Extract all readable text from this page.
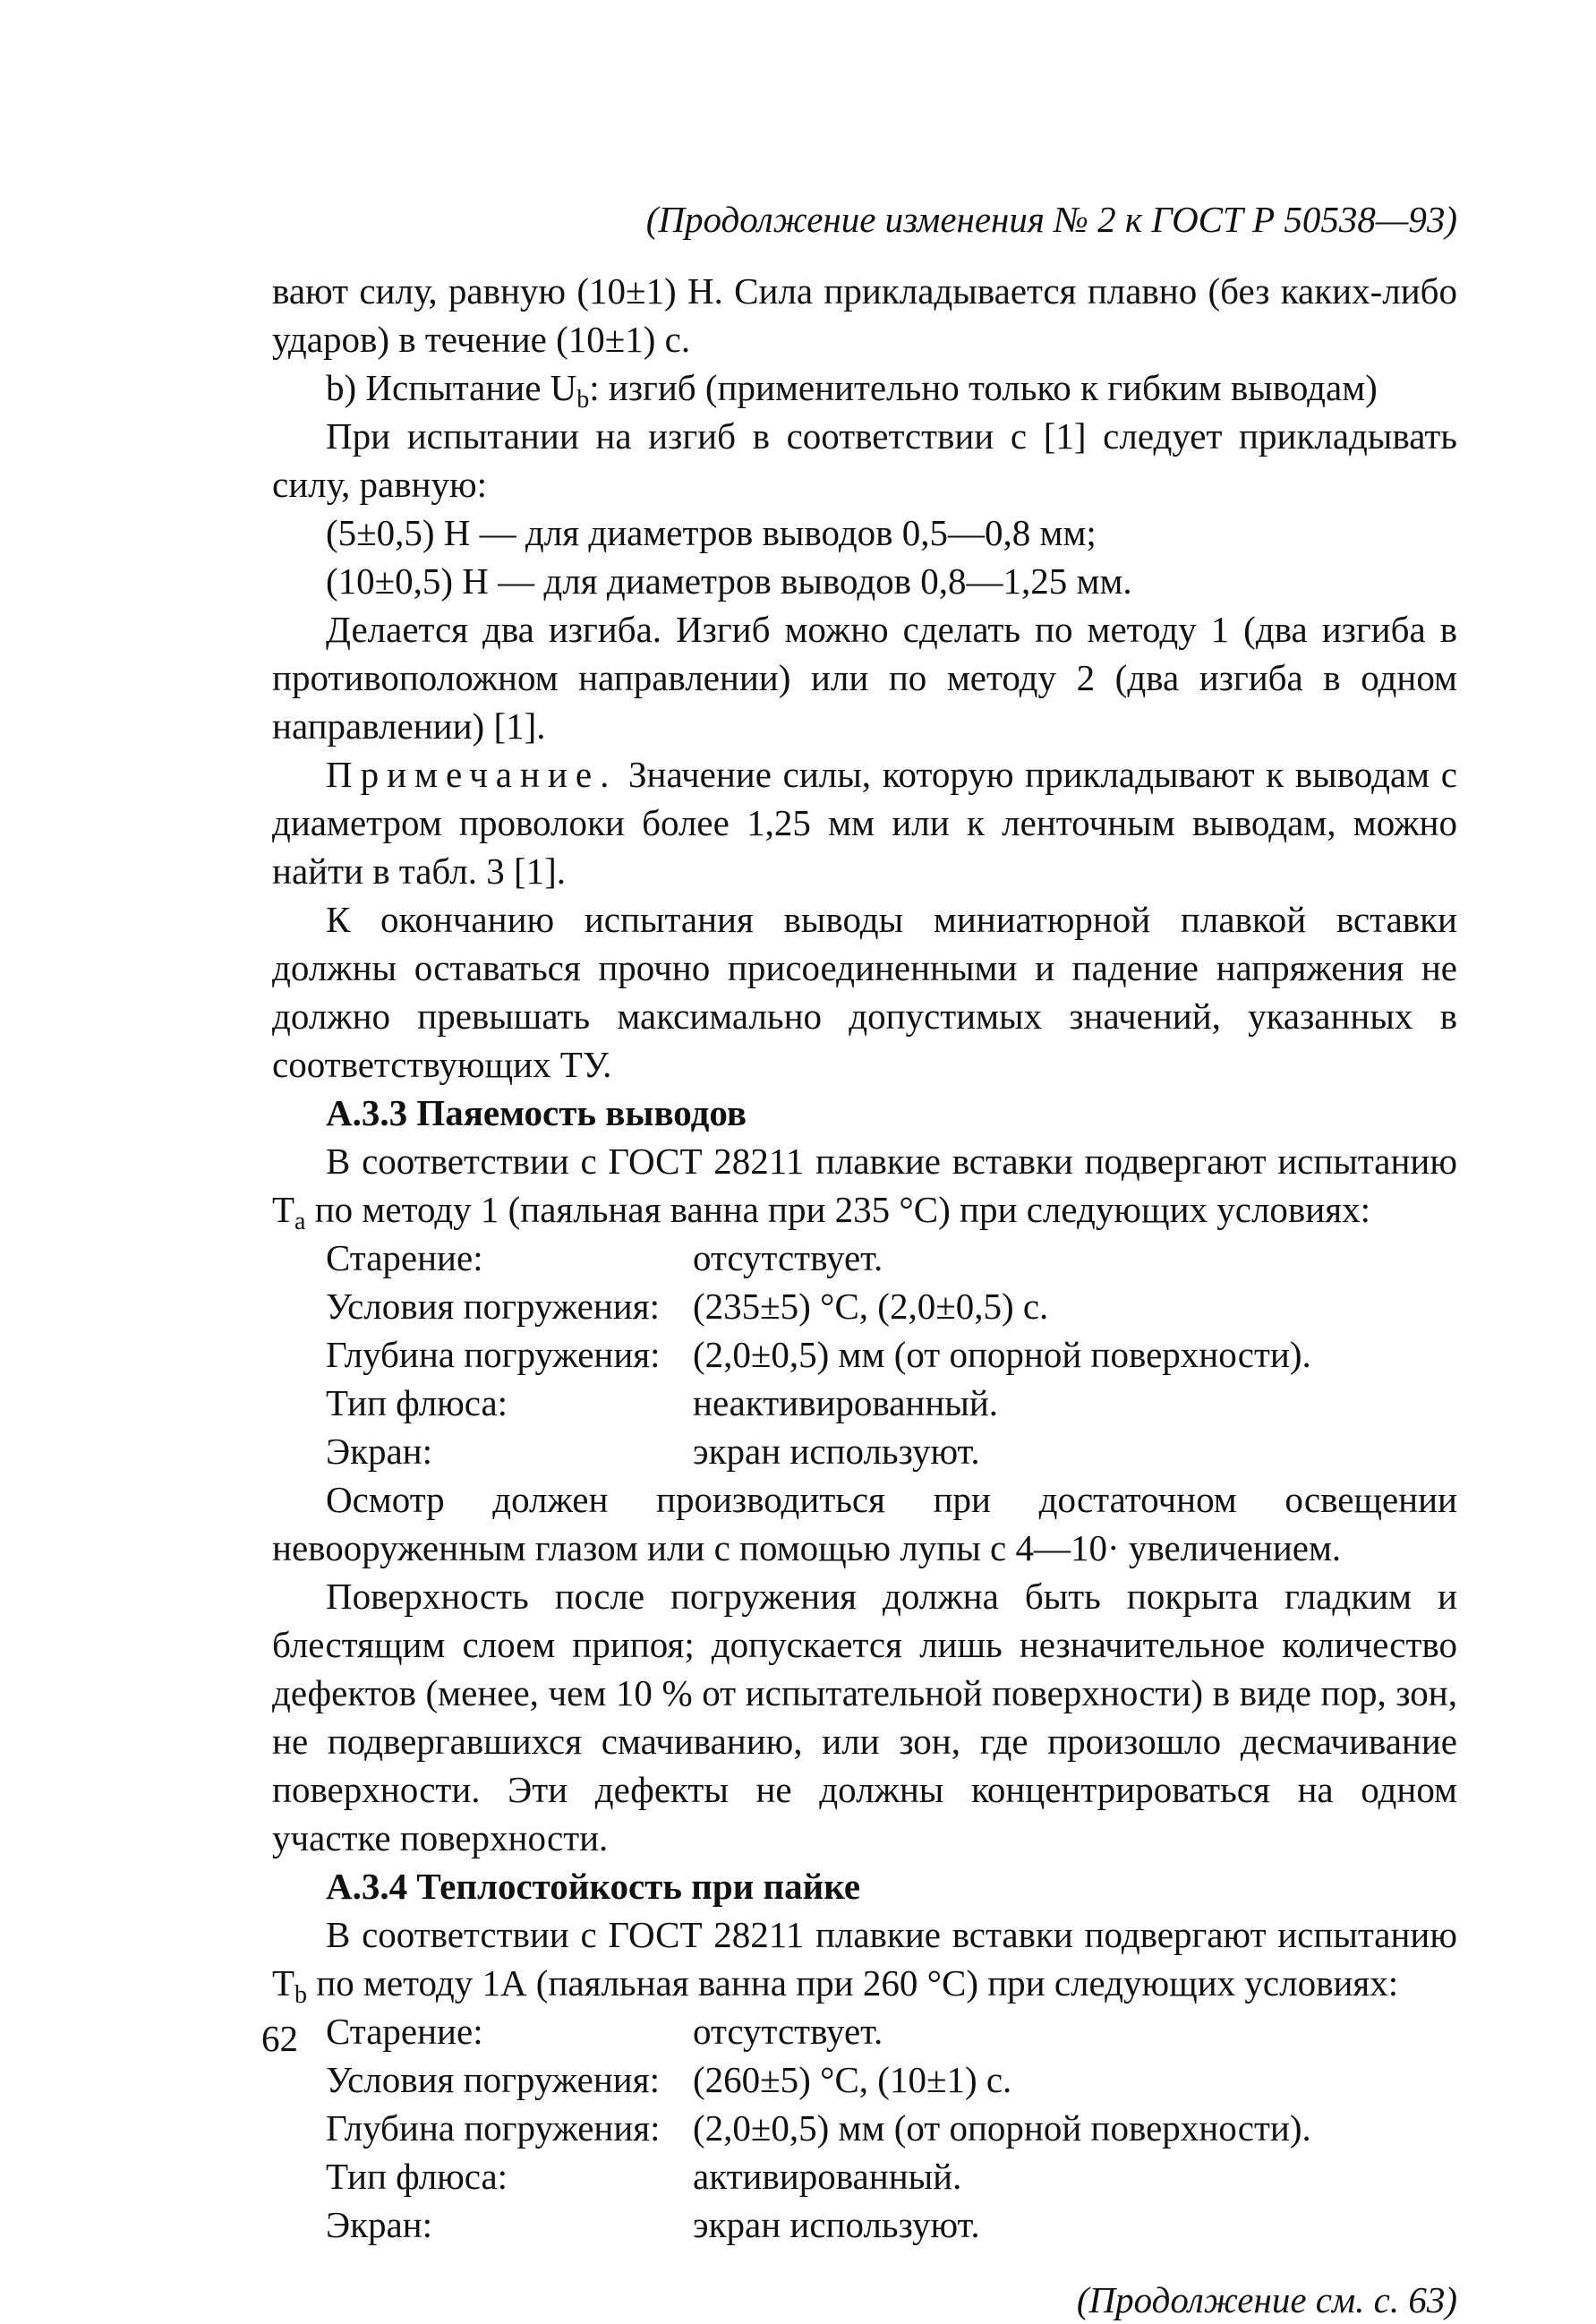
(Продолжение изменения № 2 к ГОСТ Р 50538—93)

вают силу, равную (10±1) Н. Сила прикладывается плавно (без каких-либо ударов) в течение (10±1) с.

b) Испытание $U_b$: изгиб (применительно только к гибким выводам)

При испытании на изгиб в соответствии с [1] следует прикладывать силу, равную:

(5±0,5) Н — для диаметров выводов 0,5—0,8 мм;

(10±0,5) Н — для диаметров выводов 0,8—1,25 мм.

Делается два изгиба. Изгиб можно сделать по методу 1 (два изгиба в противоположном направлении) или по методу 2 (два изгиба в одном направлении) [1].

Примечание. Значение силы, которую прикладывают к выводам с диаметром проволоки более 1,25 мм или к ленточным выводам, можно найти в табл. 3 [1].

К окончанию испытания выводы миниатюрной плавкой вставки должны оставаться прочно присоединенными и падение напряжения не должно превышать максимально допустимых значений, указанных в соответствующих ТУ.

А.3.3 Паяемость выводов

В соответствии с ГОСТ 28211 плавкие вставки подвергают испытанию $T_a$ по методу 1 (паяльная ванна при 235 °С) при следующих условиях:

Старение:	отсутствует.
Условия погружения: (235±5) °С, (2,0±0,5) с.
Глубина погружения: (2,0±0,5) мм (от опорной поверхности).
Тип флюса:	неактивированный.
Экран:	экран используют.

Осмотр должен производиться при достаточном освещении невооруженным глазом или с помощью лупы с 4—10· увеличением.

Поверхность после погружения должна быть покрыта гладким и блестящим слоем припоя; допускается лишь незначительное количество дефектов (менее, чем 10 % от испытательной поверхности) в виде пор, зон, не подвергавшихся смачиванию, или зон, где произошло десмачивание поверхности. Эти дефекты не должны концентрироваться на одном участке поверхности.

А.3.4 Теплостойкость при пайке

В соответствии с ГОСТ 28211 плавкие вставки подвергают испытанию $T_b$ по методу 1А (паяльная ванна при 260 °С) при следующих условиях:

Старение:	отсутствует.
Условия погружения: (260±5) °С, (10±1) с.
Глубина погружения: (2,0±0,5) мм (от опорной поверхности).
Тип флюса:	активированный.
Экран:	экран используют.
(Продолжение см. с. 63)
62
